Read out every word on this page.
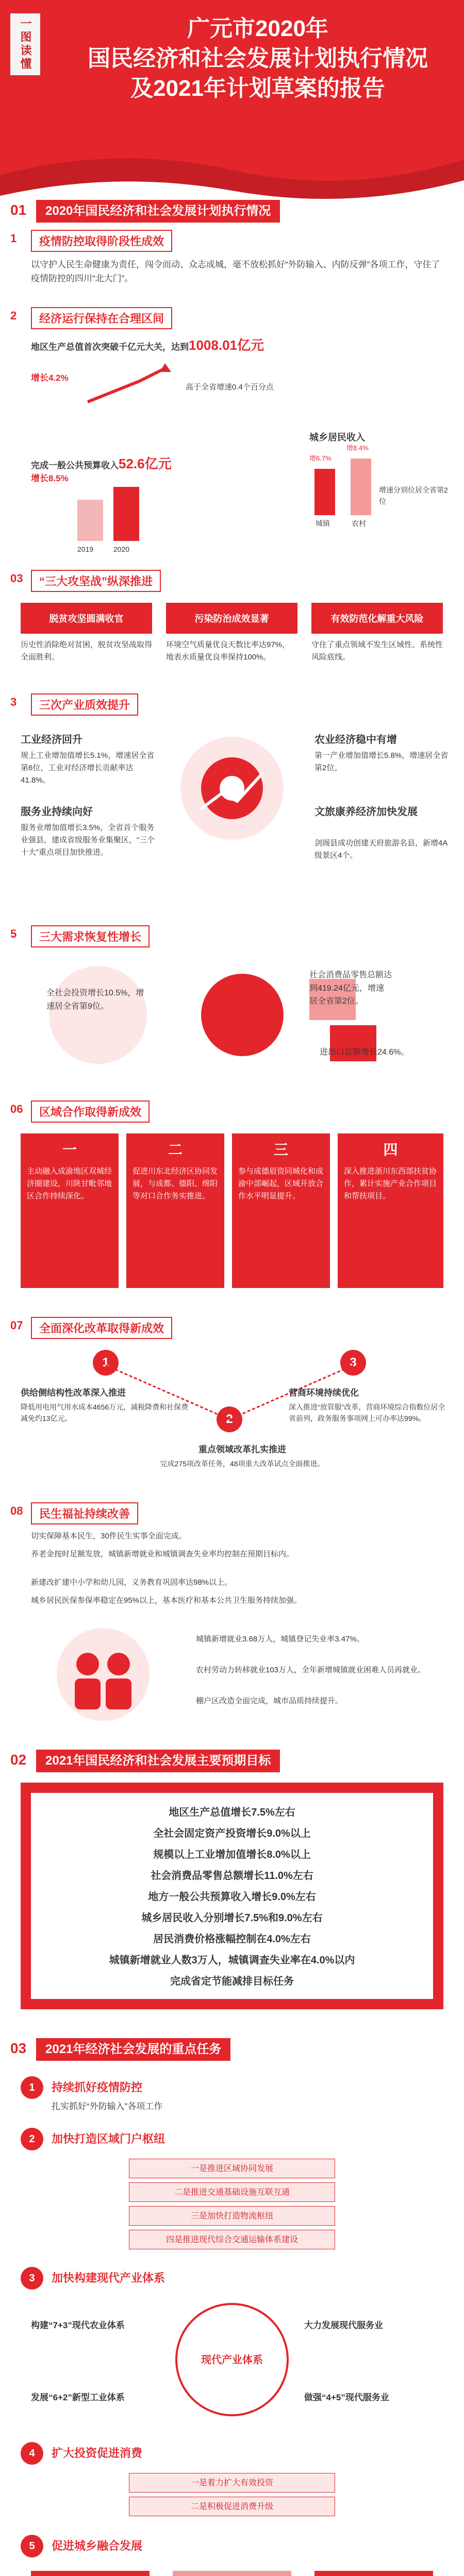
一图读懂	广元市2020年
国民经济和社会发展计划执行情况
及2021年计划草案的报告
01	2020年国民经济和社会发展计划执行情况
1	疫情防控取得阶段性成效
以守护人民生命健康为责任，闯令而动、众志成城，毫不放松抓好“外防输入、内防反弹”各项工作，守住了疫情防控的四川“北大门”。
2	经济运行保持在合理区间
地区生产总值首次突破千亿元大关，达到1008.01亿元
增长4.2%
高于全省增速0.4个百分点
完成一般公共预算收入52.6亿元
增长8.5%
2019	2020
城乡居民收入
增6.7%
增8.4%
城镇	农村
增速分别位居全省第2位
03	“三大攻坚战”纵深推进
脱贫攻坚圆满收官	污染防治成效显著	有效防范化解重大风险
历史性消除绝对贫困，脱贫攻坚战取得全面胜利。
环境空气质量优良天数比率达97%，地表水质量优良率保持100%。
守住了重点领域不发生区域性、系统性风险底线。
3	三次产业质效提升
工业经济回升
规上工业增加值增长5.1%，增速居全省第6位，工业对经济增长贡献率达41.8%。
农业经济稳中有增
第一产业增加值增长5.8%，增速居全省第2位。
服务业持续向好
服务业增加值增长3.5%，全省首个服务业强县，建成省级服务业集聚区，“三个十大”重点项目加快推进。
文旅康养经济加快发展
剑阁县成功创建天府旅游名县，新增4A级景区4个。
5	三大需求恢复性增长
全社会投资增长10.5%，增速居全省第9位。
社会消费品零售总额达到419.24亿元，增速居全省第2位。
进出口总额增长24.6%。
06	区域合作取得新成效
一
主动融入成渝地区双城经济圈建设，川陕甘毗邻地区合作持续深化。
二
促进川东北经济区协同发展，与成都、德阳、绵阳等对口合作务实推进。
三
参与成德眉资同城化和成渝中部崛起，区域开放合作水平明显提升。
四
深入推进浙川东西部扶贫协作，累计实施产业合作项目和帮扶项目。
07	全面深化改革取得新成效
1
2
3
供给侧结构性改革深入推进
降低用电用气用水成本4656万元，减税降费和社保费减免约13亿元。
营商环境持续优化
深入推进“放管服”改革，营商环境综合指数位居全省前列，政务服务事项网上可办率达99%。
重点领域改革扎实推进
完成275项改革任务，48项重大改革试点全面推进。
08	民生福祉持续改善
切实保障基本民生，30件民生实事全面完成。
养老金按时足额发放，城镇新增就业和城镇调查失业率均控制在预期目标内。
新建改扩建中小学和幼儿园，义务教育巩固率达98%以上。
城乡居民医保参保率稳定在95%以上，基本医疗和基本公共卫生服务持续加强。
城镇新增就业3.68万人，城镇登记失业率3.47%。
农村劳动力转移就业103万人，全年新增城镇就业困难人员再就业。
棚户区改造全面完成，城市品质持续提升。
02	2021年国民经济和社会发展主要预期目标
地区生产总值增长7.5%左右
全社会固定资产投资增长9.0%以上
规模以上工业增加值增长8.0%以上
社会消费品零售总额增长11.0%左右
地方一般公共预算收入增长9.0%左右
城乡居民收入分别增长7.5%和9.0%左右
居民消费价格涨幅控制在4.0%左右
城镇新增就业人数3万人，城镇调查失业率在4.0%以内
完成省定节能减排目标任务
03	2021年经济社会发展的重点任务
1	持续抓好疫情防控
扎实抓好“外防输入”各项工作
2	加快打造区域门户枢纽
一是推进区域协同发展
二是推进交通基础设施互联互通
三是加快打造物流枢纽
四是推进现代综合交通运输体系建设
3	加快构建现代产业体系
现代产业体系
构建“7+3”现代农业体系	大力发展现代服务业
发展“6+2”新型工业体系	做强“4+5”现代服务业
4	扩大投资促进消费
一是着力扩大有效投资
二是积极促进消费升级
5	促进城乡融合发展
